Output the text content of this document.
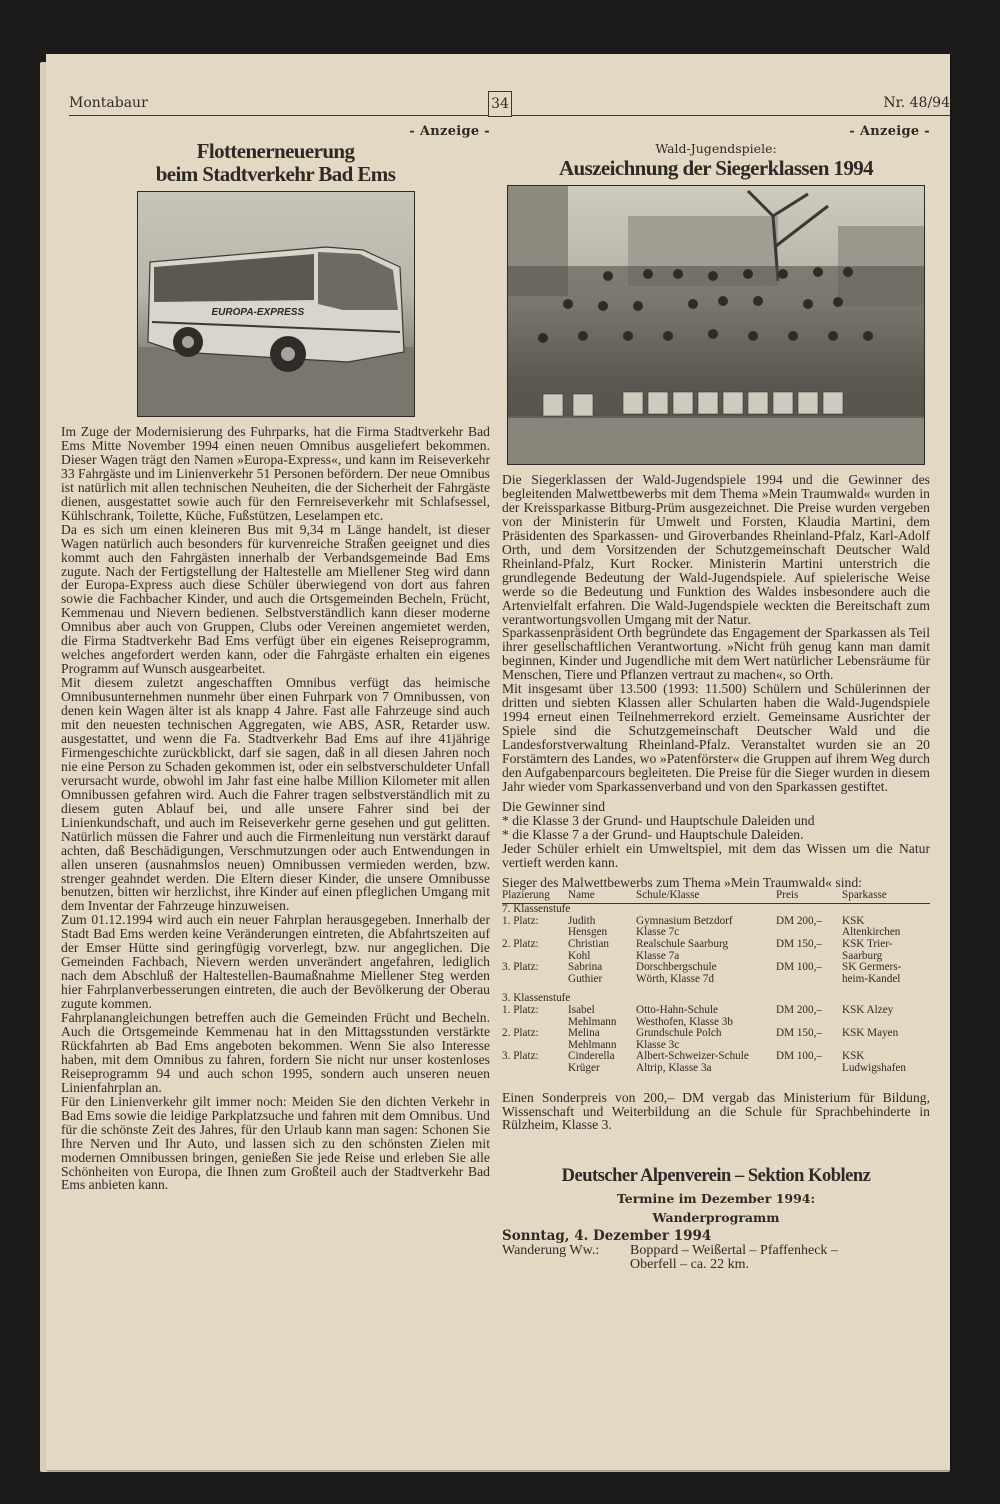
Montabaur	34	Nr. 48/94
- Anzeige -
Flottenerneuerung
beim Stadtverkehr Bad Ems
EUROPA-EXPRESS

Im Zuge der Modernisierung des Fuhrparks, hat die Firma Stadtverkehr Bad Ems Mitte November 1994 einen neuen Omnibus ausgeliefert bekommen. Dieser Wagen trägt den Namen »Europa-Express«, und kann im Reiseverkehr 33 Fahrgäste und im Linienverkehr 51 Personen befördern. Der neue Omnibus ist natürlich mit allen technischen Neuheiten, die der Sicherheit der Fahrgäste dienen, ausgestattet sowie auch für den Fernreiseverkehr mit Schlafsessel, Kühlschrank, Toilette, Küche, Fußstützen, Leselampen etc.

Da es sich um einen kleineren Bus mit 9,34 m Länge handelt, ist dieser Wagen natürlich auch besonders für kurvenreiche Straßen geeignet und dies kommt auch den Fahrgästen innerhalb der Verbandsgemeinde Bad Ems zugute. Nach der Fertigstellung der Haltestelle am Miellener Steg wird dann der Europa-Express auch diese Schüler überwiegend von dort aus fahren sowie die Fachbacher Kinder, und auch die Ortsgemeinden Becheln, Frücht, Kemmenau und Nievern bedienen. Selbstverständlich kann dieser moderne Omnibus aber auch von Gruppen, Clubs oder Vereinen angemietet werden, die Firma Stadtverkehr Bad Ems verfügt über ein eigenes Reiseprogramm, welches angefordert werden kann, oder die Fahrgäste erhalten ein eigenes Programm auf Wunsch ausgearbeitet.

Mit diesem zuletzt angeschafften Omnibus verfügt das heimische Omnibusunternehmen nunmehr über einen Fuhrpark von 7 Omnibussen, von denen kein Wagen älter ist als knapp 4 Jahre. Fast alle Fahrzeuge sind auch mit den neuesten technischen Aggregaten, wie ABS, ASR, Retarder usw. ausgestattet, und wenn die Fa. Stadtverkehr Bad Ems auf ihre 41jährige Firmengeschichte zurückblickt, darf sie sagen, daß in all diesen Jahren noch nie eine Person zu Schaden gekommen ist, oder ein selbstverschuldeter Unfall verursacht wurde, obwohl im Jahr fast eine halbe Million Kilometer mit allen Omnibussen gefahren wird. Auch die Fahrer tragen selbstverständlich mit zu diesem guten Ablauf bei, und alle unsere Fahrer sind bei der Linienkundschaft, und auch im Reiseverkehr gerne gesehen und gut gelitten. Natürlich müssen die Fahrer und auch die Firmenleitung nun verstärkt darauf achten, daß Beschädigungen, Verschmutzungen oder auch Entwendungen in allen unseren (ausnahmslos neuen) Omnibussen vermieden werden, bzw. strenger geahndet werden. Die Eltern dieser Kinder, die unsere Omnibusse benutzen, bitten wir herzlichst, ihre Kinder auf einen pfleglichen Umgang mit dem Inventar der Fahrzeuge hinzuweisen.

Zum 01.12.1994 wird auch ein neuer Fahrplan herausgegeben. Innerhalb der Stadt Bad Ems werden keine Veränderungen eintreten, die Abfahrtszeiten auf der Emser Hütte sind geringfügig vorverlegt, bzw. nur angeglichen. Die Gemeinden Fachbach, Nievern werden unverändert angefahren, lediglich nach dem Abschluß der Haltestellen-Baumaßnahme Miellener Steg werden hier Fahrplanverbesserungen eintreten, die auch der Bevölkerung der Oberau zugute kommen.

Fahrplanangleichungen betreffen auch die Gemeinden Frücht und Becheln. Auch die Ortsgemeinde Kemmenau hat in den Mittagsstunden verstärkte Rückfahrten ab Bad Ems angeboten bekommen. Wenn Sie also Interesse haben, mit dem Omnibus zu fahren, fordern Sie nicht nur unser kostenloses Reiseprogramm 94 und auch schon 1995, sondern auch unseren neuen Linienfahrplan an.

Für den Linienverkehr gilt immer noch: Meiden Sie den dichten Verkehr in Bad Ems sowie die leidige Parkplatzsuche und fahren mit dem Omnibus. Und für die schönste Zeit des Jahres, für den Urlaub kann man sagen: Schonen Sie Ihre Nerven und Ihr Auto, und lassen sich zu den schönsten Zielen mit modernen Omnibussen bringen, genießen Sie jede Reise und erleben Sie alle Schönheiten von Europa, die Ihnen zum Großteil auch der Stadtverkehr Bad Ems anbieten kann.

- Anzeige -
Wald-Jugendspiele:
Auszeichnung der Siegerklassen 1994

Die Siegerklassen der Wald-Jugendspiele 1994 und die Gewinner des begleitenden Malwettbewerbs mit dem Thema »Mein Traumwald« wurden in der Kreissparkasse Bitburg-Prüm ausgezeichnet. Die Preise wurden vergeben von der Ministerin für Umwelt und Forsten, Klaudia Martini, dem Präsidenten des Sparkassen- und Giroverbandes Rheinland-Pfalz, Karl-Adolf Orth, und dem Vorsitzenden der Schutzgemeinschaft Deutscher Wald Rheinland-Pfalz, Kurt Rocker. Ministerin Martini unterstrich die grundlegende Bedeutung der Wald-Jugendspiele. Auf spielerische Weise werde so die Bedeutung und Funktion des Waldes insbesondere auch die Artenvielfalt erfahren. Die Wald-Jugendspiele weckten die Bereitschaft zum verantwortungsvollen Umgang mit der Natur.

Sparkassenpräsident Orth begründete das Engagement der Sparkassen als Teil ihrer gesellschaftlichen Verantwortung. »Nicht früh genug kann man damit beginnen, Kinder und Jugendliche mit dem Wert natürlicher Lebensräume für Menschen, Tiere und Pflanzen vertraut zu machen«, so Orth.

Mit insgesamt über 13.500 (1993: 11.500) Schülern und Schülerinnen der dritten und siebten Klassen aller Schularten haben die Wald-Jugendspiele 1994 erneut einen Teilnehmerrekord erzielt. Gemeinsame Ausrichter der Spiele sind die Schutzgemeinschaft Deutscher Wald und die Landesforstverwaltung Rheinland-Pfalz. Veranstaltet wurden sie an 20 Forstämtern des Landes, wo »Patenförster« die Gruppen auf ihrem Weg durch den Aufgabenparcours begleiteten. Die Preise für die Sieger wurden in diesem Jahr wieder vom Sparkassenverband und von den Sparkassen gestiftet.

Die Gewinner sind

* die Klasse 3 der Grund- und Hauptschule Daleiden und

* die Klasse 7 a der Grund- und Hauptschule Daleiden.

Jeder Schüler erhielt ein Umweltspiel, mit dem das Wissen um die Natur vertieft werden kann.

Sieger des Malwettbewerbs zum Thema »Mein Traumwald« sind:

Plazierung	Name	Schule/Klasse	Preis	Sparkasse
7. Klassenstufe				
1. Platz:	Judith	Gymnasium Betzdorf	DM 200,–	KSK
	Hensgen	Klasse 7c		Altenkirchen
2. Platz:	Christian	Realschule Saarburg	DM 150,–	KSK Trier-
	Kohl	Klasse 7a		Saarburg
3. Platz:	Sabrina	Dorschbergschule	DM 100,–	SK Germers-
	Guthier	Wörth, Klasse 7d		heim-Kandel

3. Klassenstufe				
1. Platz:	Isabel	Otto-Hahn-Schule	DM 200,–	KSK Alzey
	Mehlmann	Westhofen, Klasse 3b		
2. Platz:	Melina	Grundschule Polch	DM 150,–	KSK Mayen
	Mehlmann	Klasse 3c		
3. Platz:	Cinderella	Albert-Schweizer-Schule	DM 100,–	KSK
	Krüger	Altrip, Klasse 3a		Ludwigshafen

Einen Sonderpreis von 200,– DM vergab das Ministerium für Bildung, Wissenschaft und Weiterbildung an die Schule für Sprachbehinderte in Rülzheim, Klasse 3.

Deutscher Alpenverein – Sektion Koblenz
Termine im Dezember 1994:
Wanderprogramm
Sonntag, 4. Dezember 1994
Wanderung Ww.:	Boppard – Weißertal – Pfaffenheck –
Oberfell – ca. 22 km.
